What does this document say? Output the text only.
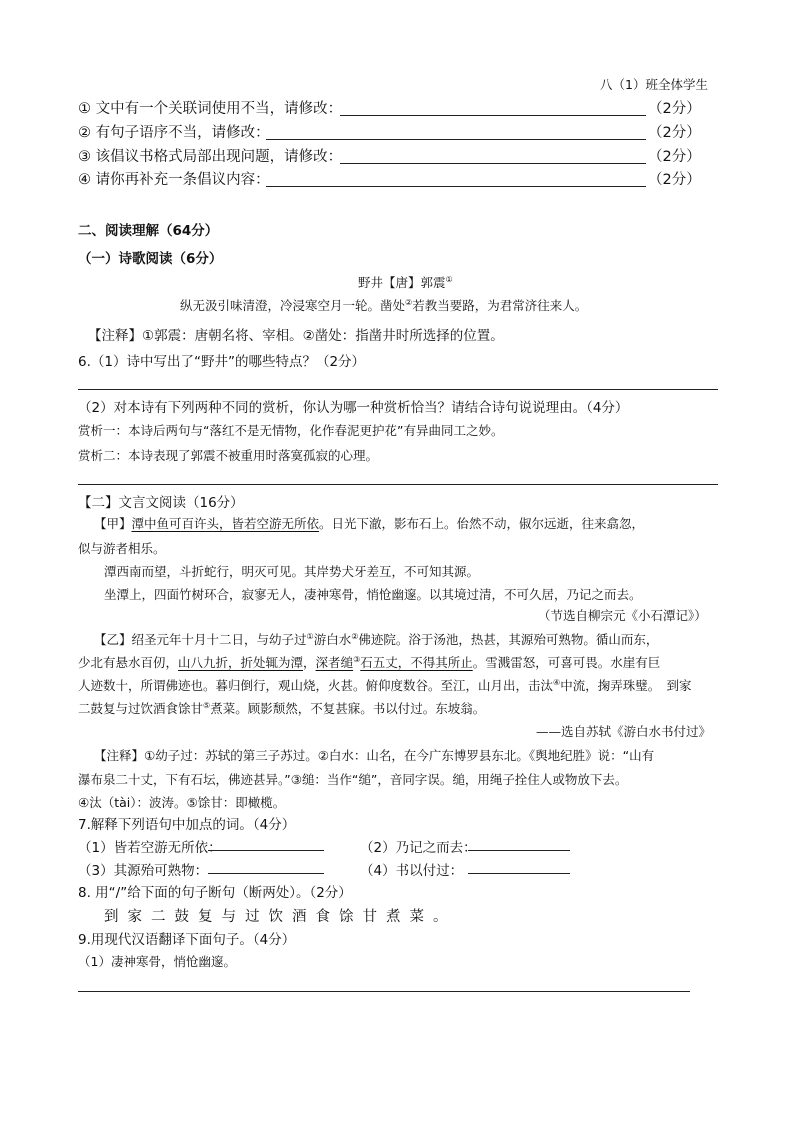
八（1）班全体学生
① 文中有一个关联词使用不当，请修改：	（2分）
② 有句子语序不当，请修改：	（2分）
③ 该倡议书格式局部出现问题，请修改：	（2分）
④ 请你再补充一条倡议内容：	（2分）
二、阅读理解（64分）
（一）诗歌阅读（6分）
野井【唐】郭震①
纵无汲引味清澄，冷浸寒空月一轮。凿处②若教当要路，为君常济往来人。
【注释】①郭震：唐朝名将、宰相。②凿处：指凿井时所选择的位置。
6.（1）诗中写出了“野井”的哪些特点？（2分）
（2）对本诗有下列两种不同的赏析，你认为哪一种赏析恰当？请结合诗句说说理由。（4分）
赏析一：本诗后两句与“落红不是无情物，化作春泥更护花”有异曲同工之妙。
赏析二：本诗表现了郭震不被重用时落寞孤寂的心理。
【二】文言文阅读（16分）
【甲】潭中鱼可百许头，皆若空游无所依。日光下澈，影布石上。佁然不动，俶尔远逝，往来翕忽，
似与游者相乐。
潭西南而望，斗折蛇行，明灭可见。其岸势犬牙差互，不可知其源。
坐潭上，四面竹树环合，寂寥无人，凄神寒骨，悄怆幽邃。以其境过清，不可久居，乃记之而去。
（节选自柳宗元《小石潭记》）
【乙】绍圣元年十月十二日，与幼子过①游白水②佛迹院。浴于汤池，热甚，其源殆可熟物。循山而东，
少北有悬水百仞，山八九折，折处辄为潭，深者缒③石五丈，不得其所止。雪溅雷怒，可喜可畏。水崖有巨
人迹数十，所谓佛迹也。暮归倒行，观山烧，火甚。俯仰度数谷。至江，山月出，击汰④中流，掬弄珠璧。　到家
二鼓复与过饮酒食馀甘⑤煮菜。顾影颓然，不复甚寐。书以付过。东坡翁。
——选自苏轼《游白水书付过》
【注释】①幼子过：苏轼的第三子苏过。②白水：山名，在今广东博罗县东北。《舆地纪胜》说：“山有
瀑布泉二十丈，下有石坛，佛迹甚异。”③缒：当作“缒”，音同字误。缒，用绳子拴住人或物放下去。
④汰（tài）：波涛。⑤馀甘：即橄榄。
7.解释下列语句中加点的词。（4分）
（1）皆若空游无所依：	（2）乃记之而去：
（3）其源殆可熟物：	（4）书以付过：
8. 用“/”给下面的句子断句（断两处）。（2分）
到家二鼓复与过饮酒食馀甘煮菜。
9.用现代汉语翻译下面句子。（4分）
（1）凄神寒骨，悄怆幽邃。
